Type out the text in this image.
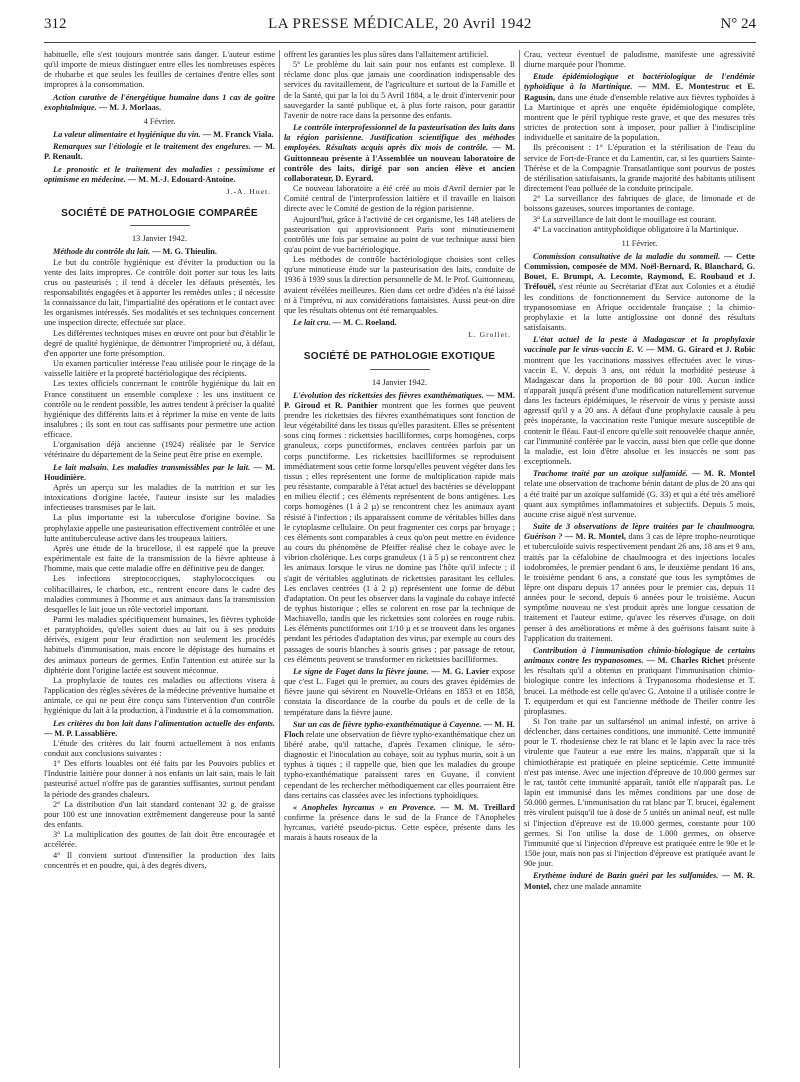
312	LA PRESSE MÉDICALE, 20 Avril 1942	N° 24

habituelle, elle s'est toujours montrée sans danger. L'auteur estime qu'il importe de mieux distinguer entre elles les nombreuses espèces de rhubarbe et que seules les feuilles de certaines d'entre elles sont impropres à la consommation.

Action curative de l'énergétique humaine dans 1 cas de goitre exophtalmique. — M. J. Morlaas.

4 Février.

La valeur alimentaire et hygiénique du vin. — M. Franck Viala.

Remarques sur l'étiologie et le traitement des engelures. — M. P. Renault.

Le pronostic et le traitement des maladies : pessimisme et optimisme en médecine. — M. M.-J. Edouard-Antoine.

J.-A. Huet.

SOCIÉTÉ DE PATHOLOGIE COMPARÉE

13 Janvier 1942.

Méthode du contrôle du lait. — M. G. Thieulin.

Le but du contrôle hygiénique est d'éviter la production ou la vente des laits impropres. Ce contrôle doit porter sur tous les laits crus ou pasteurisés ; il tend à déceler les défauts présentés, les responsabilités engagées et à apporter les remèdes utiles ; il nécessite la connaissance du lait, l'impartialité des opérations et le contact avec les organismes intéressés. Ses modalités et ses techniques concernent une inspection directe, effectuée sur place.

Les différentes techniques mises en œuvre ont pour but d'établir le degré de qualité hygiénique, de démontrer l'improprieté ou, à défaut, d'en apporter une forte présomption.

Un examen particulier intéresse l'eau utilisée pour le rinçage de la vaisselle laitière et la propreté bactériologique des récipients.

Les textes officiels concernant le contrôle hygiénique du lait en France constituent un ensemble complexe : les uns instituent ce contrôle ou le rendent possible, les autres tendent à préciser la qualité hygiénique des différents laits et à réprimer la mise en vente de laits insalubres ; ils sont en tout cas suffisants pour permettre une action efficace.

L'organisation déjà ancienne (1924) réalisée par le Service vétérinaire du département de la Seine peut être prise en exemple.

Le lait malsain. Les maladies transmissibles par le lait. — M. Houdinière.

Après un aperçu sur les maladies de la nutrition et sur les intoxications d'origine lactée, l'auteur insiste sur les maladies infectieuses transmises par le lait.

La plus importante est la tuberculose d'origine bovine. Sa prophylaxie appelle une pasteurisation effectivement contrôlée et une lutte antituberculeuse active dans les troupeaux laitiers.

Après une étude de la brucellose, il est rappelé que la preuve expérimentale est faite de la transmission de la fièvre aphteuse à l'homme, mais que cette maladie offre en définitive peu de danger.

Les infections streptococciques, staphylococciques ou colibacillaires, le charbon, etc., rentrent encore dans le cadre des maladies communes à l'homme et aux animaux dans la transmission desquelles le lait joue un rôle vectoriel important.

Parmi les maladies spécifiquement humaines, les fièvres typhoïde et paratyphoïdes, qu'elles soient dues au lait ou à ses produits dérivés, exigent pour leur éradiction non seulement les procédés habituels d'immunisation, mais encore le dépistage des humains et des animaux porteurs de germes. Enfin l'attention est attirée sur la diphtérie dont l'origine lactée est souvent méconnue.

La prophylaxie de toutes ces maladies ou affections visera à l'application des règles sévères de la médecine préventive humaine et animale, ce qui ne peut être conçu sans l'intervention d'un contrôle hygiénique du lait à la production, à l'industrie et à la consommation.

Les critères du bon lait dans l'alimentation actuelle des enfants. — M. P. Lassablière.

L'étude des critères du lait fourni actuellement à nos enfants conduit aux conclusions suivantes :

1° Des efforts louables ont été faits par les Pouvoirs publics et l'Industrie laitière pour donner à nos enfants un lait sain, mais le lait pasteurisé actuel n'offre pas de garanties suffisantes, surtout pendant la période des grandes chaleurs.

2° La distribution d'un lait standard contenant 32 g. de graisse pour 100 est une innovation extrêmement dangereuse pour la santé des enfants.

3° La multiplication des gouttes de lait doit être encouragée et accélérée.

4° Il convient surtout d'intensifier la production des laits concentrés et en poudre, qui, à des degrés divers,

offrent les garanties les plus sûres dans l'allaitement artificiel.

5° Le problème du lait sain pour nos enfants est complexe. Il réclame donc plus que jamais une coordination indispensable des services du ravitaillement, de l'agriculture et surtout de la Famille et de la Santé, qui par la loi du 5 Avril 1884, a le droit d'intervenir pour sauvegarder la santé publique et, à plus forte raison, pour garantir l'avenir de notre race dans la personne des enfants.

Le contrôle interprofessionnel de la pasteurisation des laits dans la région parisienne. Justification scientifique des méthodes employées. Résultats acquis après dix mois de contrôle. — M. Guittonneau présente à l'Assemblée un nouveau laboratoire de contrôle des laits, dirigé par son ancien élève et ancien collaborateur, D. Eyrard.

Ce nouveau laboratoire a été créé au mois d'Avril dernier par le Comité central de l'interprofession laitière et il travaille en liaison directe avec le Comité de gestion de la région parisienne.

Aujourd'hui, grâce à l'activité de cet organisme, les 148 ateliers de pasteurisation qui approvisionnent Paris sont minutieusement contrôlés une fois par semaine au point de vue technique aussi bien qu'au point de vue bactériologique.

Les méthodes de contrôle bactériologique choisies sont celles qu'une minutieuse étude sur la pasteurisation des laits, conduite de 1936 à 1939 sous la direction personnelle de M. le Prof. Guittonneau, avaient révélées meilleures. Rien dans cet ordre d'idées n'a été laissé ni à l'imprévu, ni aux considérations fantaisistes. Aussi peut-on dire que les résultats obtenus ont été remarquables.

Le lait cru. — M. C. Roeland.

L. Grollet.

SOCIÉTÉ DE PATHOLOGIE EXOTIQUE

14 Janvier 1942.

L'évolution des rickettsies des fièvres exanthématiques. — MM. P. Giroud et R. Panthier montrent que les formes que peuvent prendre les rickettsies des fièvres exanthématiques sont fonction de leur végétabilité dans les tissus qu'elles parasitent. Elles se présentent sous cinq formes : rickettsies bacilliformes, corps homogènes, corps granuleux, corps punctiformes, enclaves centrées parfois par un corps punctiforme. Les rickettsies bacilliformes se reproduisent immédiatement sous cette forme lorsqu'elles peuvent végéter dans les tissus ; elles représentent une forme de multiplication rapide mais peu résistante, comparable à l'état actuel des bactéries se développant en milieu électif ; ces éléments représentent de bons antigènes. Les corps homogènes (1 à 2 µ) se rencontrent chez les animaux ayant résisté à l'infection ; ils apparaissent comme de véritables billes dans le cytoplasme cellulaire. On peut fragmenter ces corps par broyage ; ces éléments sont comparables à ceux qu'on peut mettre en évidence au cours du phénomène de Pfeiffer réalisé chez le cobaye avec le vibrion cholérique. Les corps granuleux (1 à 5 µ) se rencontrent chez les animaux lorsque le virus ne domine pas l'hôte qu'il infecte ; il s'agit de véritables agglutinats de rickettsies parasitant les cellules. Les enclaves centrées (1 à 2 µ) représentent une forme de début d'adaptation. On peut les observer dans la vaginale du cobaye infecté de typhus historique ; elles se colorent en rose par la technique de Machiavello, tandis que les rickettsies sont colorées en rouge rubis. Les éléments punctiformes ont 1/10 µ et se trouvent dans les organes pendant les périodes d'adaptation des virus, par exemple au cours des passages de souris blanches à souris grises ; par passage de retour, ces éléments peuvent se transformer en rickettsies bacilliformes.

Le signe de Faget dans la fièvre jaune. — M. G. Lavier expose que c'est L. Faget qui le premier, au cours des graves épidémies de fièvre jaune qui sévirent en Nouvelle-Orléans en 1853 et en 1858, constata la discordance de la courbe du pouls et de celle de la température dans la fièvre jaune.

Sur un cas de fièvre typho-exanthématique à Cayenne. — M. H. Floch relate une observation de fièvre typho-exanthématique chez un libéré arabe, qu'il rattache, d'après l'examen clinique, le séro-diagnostic et l'inoculation au cobaye, soit au typhus murin, soit à un typhus à tiques ; il rappelle que, bien que les maladies du groupe typho-exanthématique paraissent rares en Guyane, il convient cependant de les rechercher méthodiquement car elles pourraient être dans certains cas classées avec les infections typhoïdiques.

« Anopheles hyrcanus » en Provence. — M. M. Treillard confirme la présence dans le sud de la France de l'Anopheles hyrcanus, variété pseudo-pictus. Cette espèce, présente dans les marais à hauts roseaux de la

Crau, vecteur éventuel de paludisme, manifeste une agressivité diurne marquée pour l'homme.

Etude épidémiologique et bactériologique de l'endémie typhoïdique à la Martinique. — MM. E. Montestruc et E. Ragusin, dans une étude d'ensemble relative aux fièvres typhoïdes à La Martinique et après une enquête épidémiologique complète, montrent que le péril typhique reste grave, et que des mesures très strictes de protection sont à imposer, pour pallier à l'indiscipline individuelle et sanitaire de la population.

Ils préconisent : 1° L'épuration et la stérilisation de l'eau du service de Fort-de-France et du Lamentin, car, si les quartiers Sainte-Thérèse et de la Compagnie Transatlantique sont pourvus de postes de stérilisation satisfaisants, la grande majorité des habitants utilisent directement l'eau polluée de la conduite principale.

2° La surveillance des fabriques de glace, de limonade et de boissons gazeuses, sources importantes de contage.

3° La surveillance de lait dont le mouillage est courant.

4° La vaccination antityphoïdique obligatoire à la Martinique.

11 Février.

Commission consultative de la maladie du sommeil. — Cette Commission, composée de MM. Noël-Bernard, R. Blanchard, G. Bouet, E. Brumpt, A. Lecomte, Raymond, E. Roubaud et J. Tréfouël, s'est réunie au Secrétariat d'Etat aux Colonies et a étudié les conditions de fonctionnement du Service autonome de la trypanosomiase en Afrique occidentale française ; la chimio-prophylaxie et la lutte antiglossine ont donné des résultats satisfaisants.

L'état actuel de la peste à Madagascar et la prophylaxie vaccinale par le virus-vaccin E. V. — MM. G. Girard et J. Robic montrent que les vaccinations massives effectuées avec le virus-vaccin E. V. depuis 3 ans, ont réduit la morbidité pesteuse à Madagascar dans la proportion de 80 pour 100. Aucun indice n'apparaît jusqu'à présent d'une modification naturellement survenue dans les facteurs épidémiques, le réservoir de virus y persiste aussi agressif qu'il y a 20 ans. A défaut d'une prophylaxie causale à peu près inopérante, la vaccination reste l'unique mesure susceptible de contenir le fléau. Faut-il encore qu'elle soit renouvelée chaque année, car l'immunité conférée par le vaccin, aussi bien que celle que donne la maladie, est loin d'être absolue et les insuccès ne sont pas exceptionnels.

Trachome traité par un azoïque sulfamidé. — M. R. Montel relate une observation de trachome bénin datant de plus de 20 ans qui a été traité par un azoïque sulfamidé (G. 33) et qui a été très amélioré quant aux symptômes inflammatoires et subjectifs. Depuis 5 mois, aucune crise aiguë n'est survenue.

Suite de 3 observations de lèpre traitées par le chaulmoogra. Guérison ? — M. R. Montel, dans 3 cas de lèpre tropho-neurotique et tuberculoïde suivis respectivement pendant 26 ans, 18 ans et 9 ans, traités par la céfalobine de chaulmoogra et des injections locales iodobromées, le premier pendant 6 ans, le deuxième pendant 16 ans, le troisième pendant 6 ans, a constaté que tous les symptômes de lèpre ont disparu depuis 17 années pour le premier cas, depuis 11 années pour le second, depuis 6 années pour le troisième. Aucun symptôme nouveau ne s'est produit après une longue cessation de traitement et l'auteur estime, qu'avec les réserves d'usage, on doit penser à des améliorations et même à des guérisons faisant suite à l'application du traitement.

Contribution à l'immunisation chimio-biologique de certains animaux contre les trypanosomes. — M. Charles Richet présente les résultats qu'il a obtenus en pratiquant l'immunisation chimio-biologique contre les infections à Trypanosoma rhodesiense et T. brucei. La méthode est celle qu'avec G. Antoine il a utilisée contre le T. equiperdum et qui est l'ancienne méthode de Theiler contre les piroplasmes.

Si l'on traite par un sulfarsénol un animal infesté, on arrive à déclencher, dans certaines conditions, une immunité. Cette immunité pour le T. rhodesiense chez le rat blanc et le lapin avec la race très virulente que l'auteur a eue entre les mains, n'apparaît que si la chimiothérapie est pratiquée en pleine septicémie. Cette immunité n'est pas intense. Avec une injection d'épreuve de 10.000 germes sur le rat, tantôt cette immunité apparaît, tantôt elle n'apparaît pas. Le lapin est immunisé dans les mêmes conditions par une dose de 50.000 germes. L'immunisation du rat blanc par T. brucei, également très virulent puisqu'il tue à dose de 5 unités un animal neuf, est nulle si l'injection d'épreuve est de 10.000 germes, constante pour 100 germes. Si l'on utilise la dose de 1.000 germes, on observe l'immunité que si l'injection d'épreuve est pratiquée entre le 90e et le 150e jour, mais non pas si l'injection d'épreuve est pratiquée avant le 90e jour.

Erythème induré de Bazin guéri par les sulfamides. — M. R. Montel, chez une malade annamite
